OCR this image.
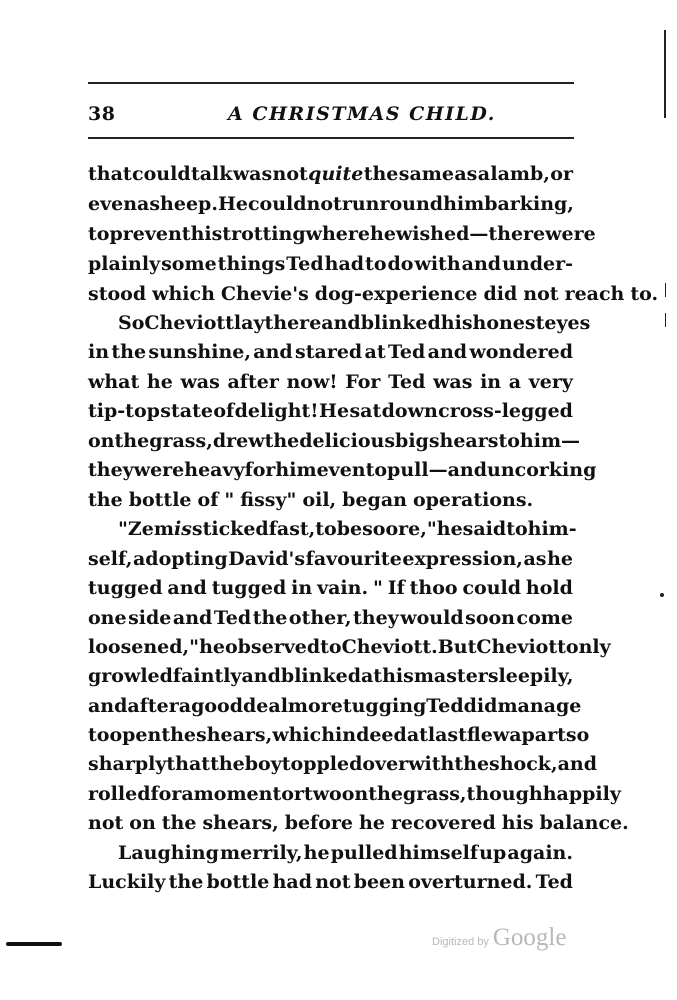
38	A CHRISTMAS CHILD.
that could talk was not quite the same as a lamb, or
even a sheep. He could not run round him barking,
to prevent his trotting where he wished—there were
plainly some things Ted had to do with and under-
stood which Chevie's dog-experience did not reach to.
So Cheviott lay there and blinked his honest eyes
in the sunshine, and stared at Ted and wondered
what he was after now! For Ted was in a very
tip-top state of delight! He sat down cross-legged
on the grass, drew the delicious big shears to him—
they were heavy for him even to pull—and uncorking
the bottle of " fissy" oil, began operations.
" Zem is sticked fast, to be soore," he said to him-
self, adopting David's favourite expression, as he
tugged and tugged in vain. " If thoo could hold
one side and Ted the other, they would soon come
loosened," he observed to Cheviott. But Cheviott only
growled faintly and blinked at his master sleepily,
and after a good deal more tugging Ted did manage
to open the shears, which indeed at last flew apart so
sharply that the boy toppled over with the shock, and
rolled for a moment or two on the grass, though happily
not on the shears, before he recovered his balance.
Laughing merrily, he pulled himself up again.
Luckily the bottle had not been overturned. Ted
Digitized by Google
